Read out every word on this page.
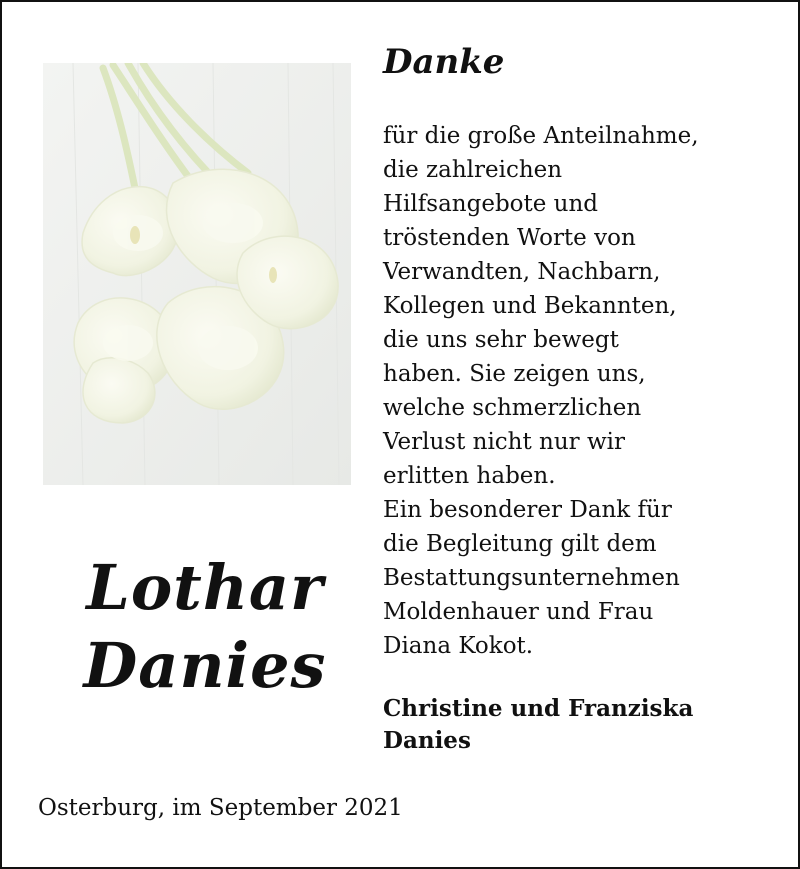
Danke
für die große Anteilnahme,
die zahlreichen
Hilfsangebote und
tröstenden Worte von
Verwandten, Nachbarn,
Kollegen und Bekannten,
die uns sehr bewegt
haben. Sie zeigen uns,
welche schmerzlichen
Verlust nicht nur wir
erlitten haben.
Ein besonderer Dank für
die Begleitung gilt dem
Bestattungsunternehmen
Moldenhauer und Frau
Diana Kokot.
Lothar
Danies
Christine und Franziska
Danies
Osterburg, im September 2021
